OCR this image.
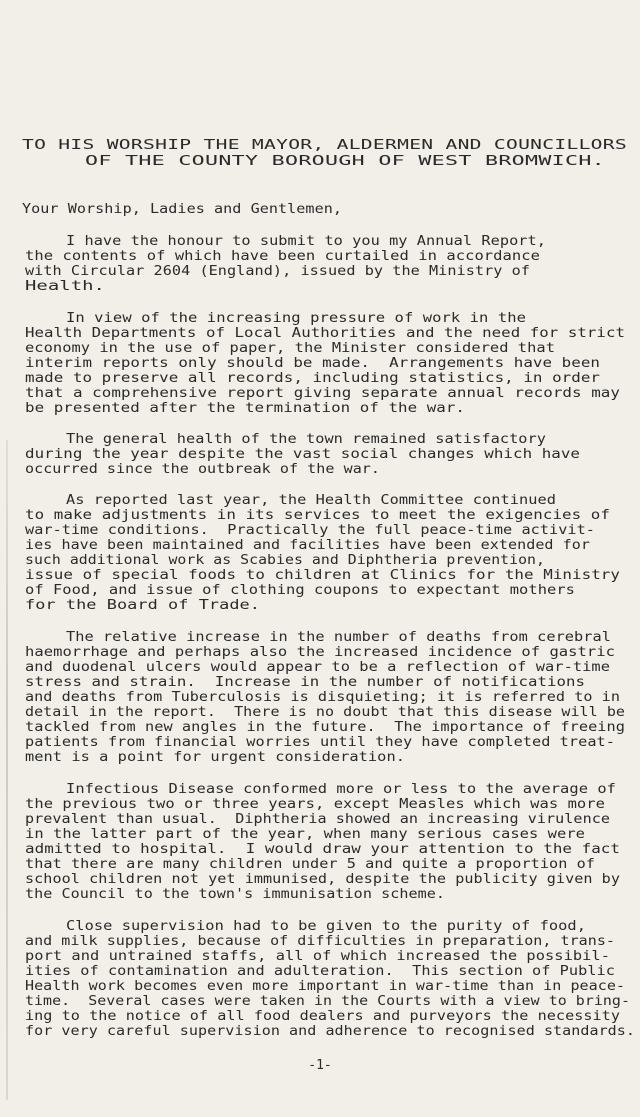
TO HIS WORSHIP THE MAYOR, ALDERMEN AND COUNCILLORS
OF THE COUNTY BOROUGH OF WEST BROMWICH.
Your Worship, Ladies and Gentlemen,
I have the honour to submit to you my Annual Report,
the contents of which have been curtailed in accordance
with Circular 2604 (England), issued by the Ministry of
Health.
In view of the increasing pressure of work in the
Health Departments of Local Authorities and the need for strict
economy in the use of paper, the Minister considered that
interim reports only should be made.  Arrangements have been
made to preserve all records, including statistics, in order
that a comprehensive report giving separate annual records may
be presented after the termination of the war.
The general health of the town remained satisfactory
during the year despite the vast social changes which have
occurred since the outbreak of the war.
As reported last year, the Health Committee continued
to make adjustments in its services to meet the exigencies of
war-time conditions.  Practically the full peace-time activit-
ies have been maintained and facilities have been extended for
such additional work as Scabies and Diphtheria prevention,
issue of special foods to children at Clinics for the Ministry
of Food, and issue of clothing coupons to expectant mothers
for the Board of Trade.
The relative increase in the number of deaths from cerebral
haemorrhage and perhaps also the increased incidence of gastric
and duodenal ulcers would appear to be a reflection of war-time
stress and strain.  Increase in the number of notifications
and deaths from Tuberculosis is disquieting; it is referred to in
detail in the report.  There is no doubt that this disease will be
tackled from new angles in the future.  The importance of freeing
patients from financial worries until they have completed treat-
ment is a point for urgent consideration.
Infectious Disease conformed more or less to the average of
the previous two or three years, except Measles which was more
prevalent than usual.  Diphtheria showed an increasing virulence
in the latter part of the year, when many serious cases were
admitted to hospital.  I would draw your attention to the fact
that there are many children under 5 and quite a proportion of
school children not yet immunised, despite the publicity given by
the Council to the town's immunisation scheme.
Close supervision had to be given to the purity of food,
and milk supplies, because of difficulties in preparation, trans-
port and untrained staffs, all of which increased the possibil-
ities of contamination and adulteration.  This section of Public
Health work becomes even more important in war-time than in peace-
time.  Several cases were taken in the Courts with a view to bring-
ing to the notice of all food dealers and purveyors the necessity
for very careful supervision and adherence to recognised standards.
-1-
